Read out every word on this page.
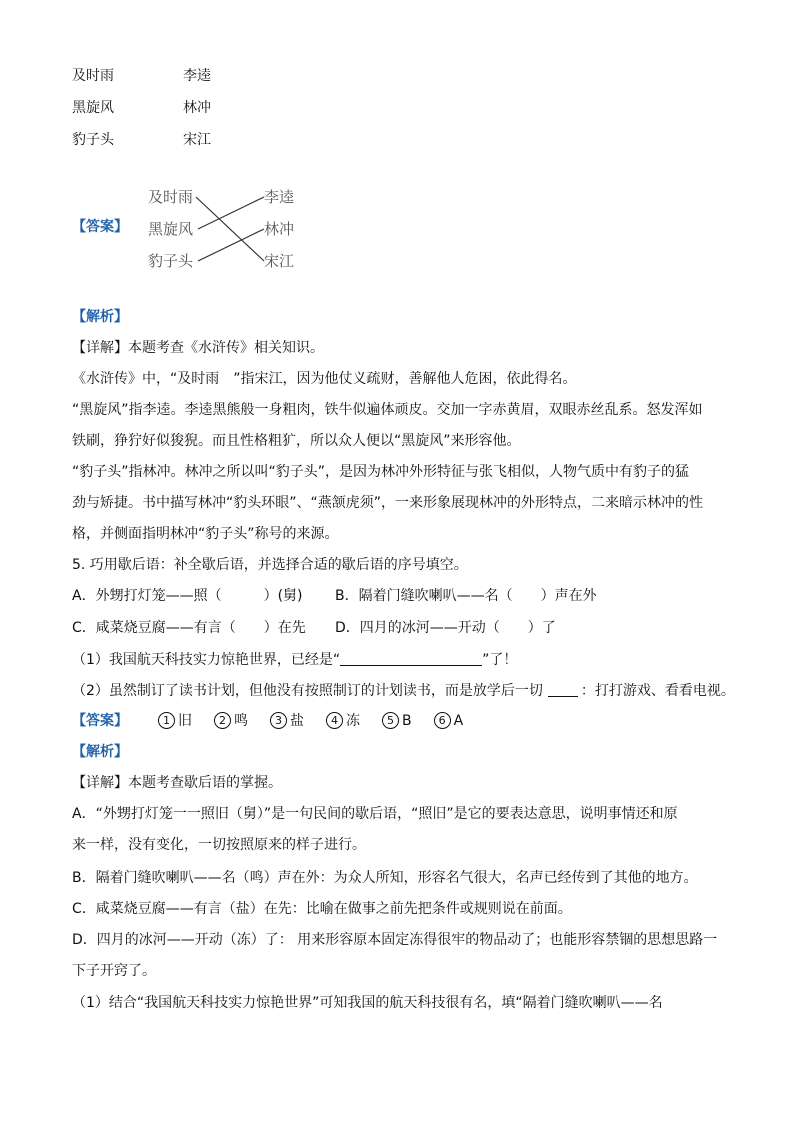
及时雨	李逵
黑旋风	林冲
豹子头	宋江
【答案】
及时雨
黑旋风
豹子头
李逵
林冲
宋江
【解析】
【详解】本题考查《水浒传》相关知识。
《水浒传》中，“及时雨　”指宋江，因为他仗义疏财，善解他人危困，依此得名。
“黑旋风”指李逵。李逵黑熊般一身粗肉，铁牛似遍体顽皮。交加一字赤黄眉，双眼赤丝乱系。怒发浑如
铁刷，狰狞好似狻猊。而且性格粗犷，所以众人便以“黑旋风”来形容他。
“豹子头”指林冲。林冲之所以叫“豹子头”，是因为林冲外形特征与张飞相似，人物气质中有豹子的猛
劲与矫捷。书中描写林冲“豹头环眼”、“燕颔虎须”，一来形象展现林冲的外形特点，二来暗示林冲的性
格，并侧面指明林冲“豹子头”称号的来源。
5. 巧用歇后语：补全歇后语，并选择合适的歇后语的序号填空。
A．外甥打灯笼——照（　　　）(舅) B．隔着门缝吹喇叭——名（　　）声在外
C．咸菜烧豆腐——有言（　　）在先 D．四月的冰河——开动（　　）了
（1）我国航天科技实力惊艳世界，已经是“	”了！
（2）虽然制订了读书计划，但他没有按照制订的计划读书，而是放学后一切	：打打游戏、看看电视。
【答案】	1 旧 2 鸣 3 盐 4 冻 5 B 6 A
【解析】
【详解】本题考查歇后语的掌握。
A．“外甥打灯笼一一照旧（舅）”是一句民间的歇后语，“照旧”是它的要表达意思，说明事情还和原
来一样，没有变化，一切按照原来的样子进行。
B．隔着门缝吹喇叭——名（鸣）声在外：为众人所知，形容名气很大，名声已经传到了其他的地方。
C．咸菜烧豆腐——有言（盐）在先：比喻在做事之前先把条件或规则说在前面。
D．四月的冰河——开动（冻）了： 用来形容原本固定冻得很牢的物品动了；也能形容禁锢的思想思路一
下子开窍了。
（1）结合“我国航天科技实力惊艳世界”可知我国的航天科技很有名，填“隔着门缝吹喇叭——名
